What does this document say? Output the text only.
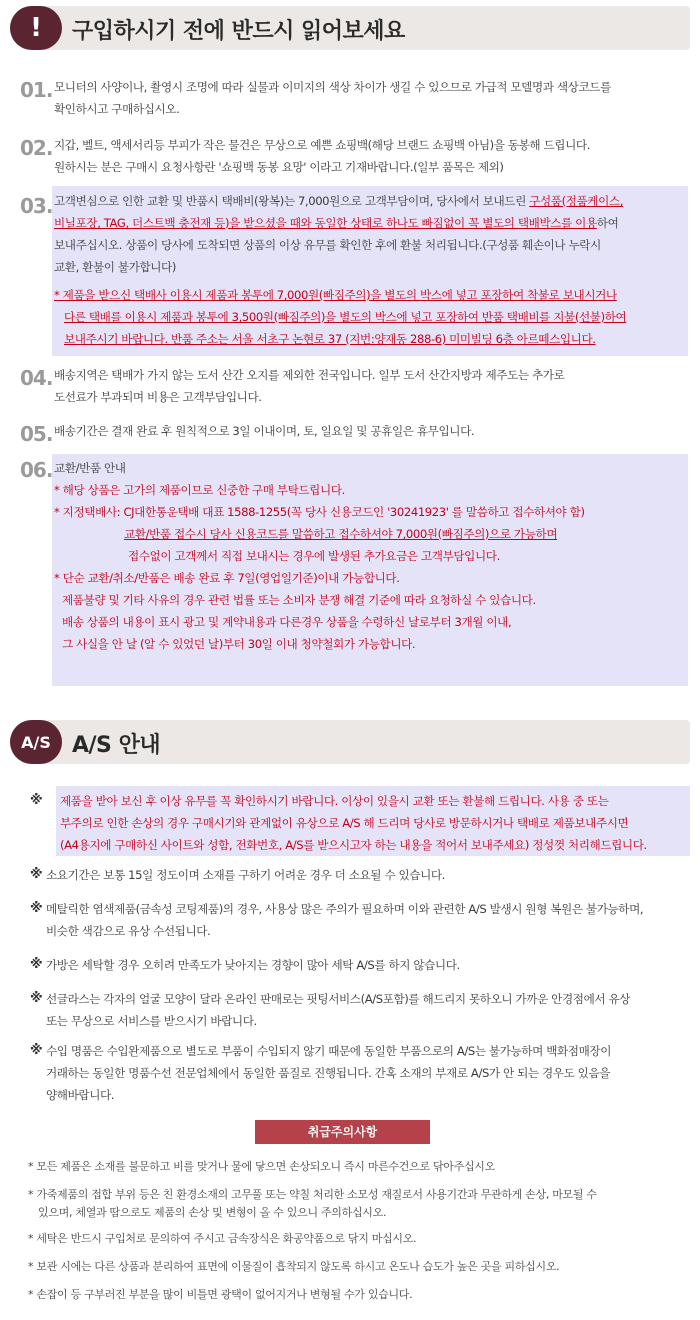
!	구입하시기 전에 반드시 읽어보세요
01. 모니터의 사양이나, 촬영시 조명에 따라 실물과 이미지의 색상 차이가 생길 수 있으므로 가급적 모델명과 색상코드를
확인하시고 구매하십시오.
02. 지갑, 벨트, 액세서리등 부피가 작은 물건은 무상으로 예쁜 쇼핑백(해당 브랜드 쇼핑백 아님)을 동봉해 드립니다.
원하시는 분은 구매시 요청사항란 '쇼핑백 동봉 요망' 이라고 기재바랍니다.(일부 품목은 제외)
03. 고객변심으로 인한 교환 및 반품시 택배비(왕복)는 7,000원으로 고객부담이며, 당사에서 보내드린 구성품(정품케이스,
비닐포장, TAG, 더스트백 충전재 등)을 받으셨을 때와 동일한 상태로 하나도 빠짐없이 꼭 별도의 택배박스를 이용하여
보내주십시오. 상품이 당사에 도착되면 상품의 이상 유무를 확인한 후에 환불 처리됩니다.(구성품 훼손이나 누락시
교환, 환불이 불가합니다)
* 제품을 받으신 택배사 이용시 제품과 봉투에 7,000원(빠짐주의)을 별도의 박스에 넣고 포장하여 착불로 보내시거나
다른 택배를 이용시 제품과 봉투에 3,500원(빠짐주의)을 별도의 박스에 넣고 포장하여 반품 택배비를 지불(선불)하여
보내주시기 바랍니다. 반품 주소는 서울 서초구 논현로 37 (지번:양재동 288-6) 미미빌딩 6층 아르떼스입니다.
04. 배송지역은 택배가 가지 않는 도서 산간 오지를 제외한 전국입니다. 일부 도서 산간지방과 제주도는 추가로
도선료가 부과되며 비용은 고객부담입니다.
05. 배송기간은 결재 완료 후 원칙적으로 3일 이내이며, 토, 일요일 및 공휴일은 휴무입니다.
06. 교환/반품 안내
* 해당 상품은 고가의 제품이므로 신중한 구매 부탁드립니다.
* 지정택배사: CJ대한통운택배 대표 1588-1255(꼭 당사 신용코드인 '30241923' 를 말씀하고 접수하셔야 함)
교환/반품 접수시 당사 신용코드를 말씀하고 접수하셔야 7,000원(빠짐주의)으로 가능하며
접수없이 고객께서 직접 보내시는 경우에 발생된 추가요금은 고객부담입니다.
* 단순 교환/취소/반품은 배송 완료 후 7일(영업일기준)이내 가능합니다.
제품불량 및 기타 사유의 경우 관련 법률 또는 소비자 분쟁 해결 기준에 따라 요청하실 수 있습니다.
배송 상품의 내용이 표시 광고 및 계약내용과 다른경우 상품을 수령하신 날로부터 3개월 이내,
그 사실을 안 날 (알 수 있었던 날)부터 30일 이내 청약철회가 가능합니다.
A/S A/S 안내
※ 제품을 받아 보신 후 이상 유무를 꼭 확인하시기 바랍니다. 이상이 있을시 교환 또는 환불해 드립니다. 사용 중 또는
부주의로 인한 손상의 경우 구매시기와 관계없이 유상으로 A/S 해 드리며 당사로 방문하시거나 택배로 제품보내주시면
(A4용지에 구매하신 사이트와 성함, 전화번호, A/S를 받으시고자 하는 내용을 적어서 보내주세요) 정성껏 처리해드립니다.
※ 소요기간은 보통 15일 정도이며 소재를 구하기 어려운 경우 더 소요될 수 있습니다.
※ 메탈릭한 염색제품(금속성 코팅제품)의 경우, 사용상 많은 주의가 필요하며 이와 관련한 A/S 발생시 원형 복원은 불가능하며,
비슷한 색감으로 유상 수선됩니다.
※ 가방은 세탁할 경우 오히려 만족도가 낮아지는 경향이 많아 세탁 A/S를 하지 않습니다.
※ 선글라스는 각자의 얼굴 모양이 달라 온라인 판매로는 핏팅서비스(A/S포함)를 해드리지 못하오니 가까운 안경점에서 유상
또는 무상으로 서비스를 받으시기 바랍니다.
※ 수입 명품은 수입완제품으로 별도로 부품이 수입되지 않기 때문에 동일한 부품으로의 A/S는 불가능하며 백화점매장이
거래하는 동일한 명품수선 전문업체에서 동일한 품질로 진행됩니다. 간혹 소재의 부재로 A/S가 안 되는 경우도 있음을
양해바랍니다.
취급주의사항
* 모든 제품은 소재를 불문하고 비를 맞거나 물에 닿으면 손상되오니 즉시 마른수건으로 닦아주십시오
* 가죽제품의 접합 부위 등은 친 환경소재의 고무풀 또는 약칠 처리한 소모성 재질로서 사용기간과 무관하게 손상, 마모될 수
있으며, 체열과 땀으로도 제품의 손상 및 변형이 올 수 있으니 주의하십시오.
* 세탁은 반드시 구입처로 문의하여 주시고 금속장식은 화공약품으로 닦지 마십시오.
* 보관 시에는 다른 상품과 분리하여 표면에 이물질이 흡착되지 않도록 하시고 온도나 습도가 높은 곳을 피하십시오.
* 손잡이 등 구부러진 부분을 많이 비틀면 광택이 없어지거나 변형될 수가 있습니다.
